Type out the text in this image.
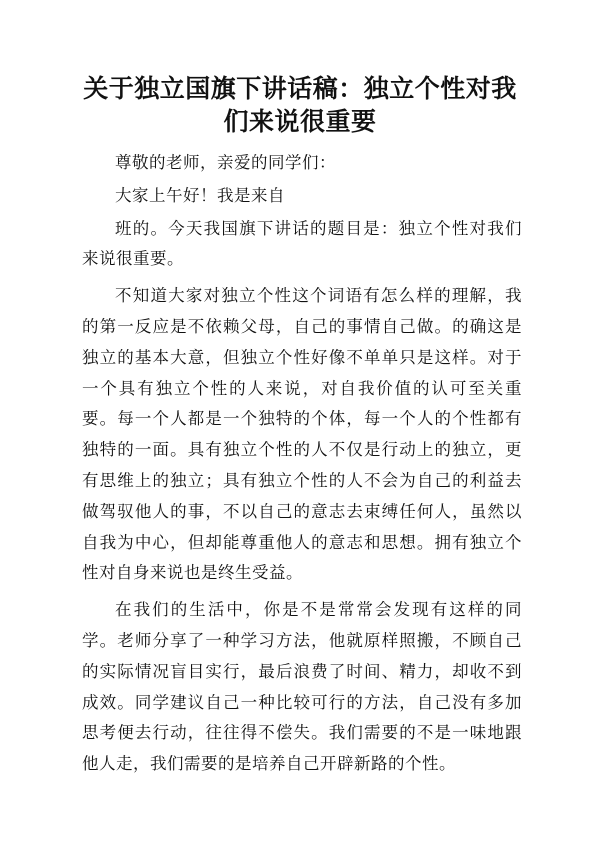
关于独立国旗下讲话稿：独立个性对我们来说很重要

尊敬的老师，亲爱的同学们：

大家上午好！我是来自

班的。今天我国旗下讲话的题目是：独立个性对我们来说很重要。

不知道大家对独立个性这个词语有怎么样的理解，我的第一反应是不依赖父母，自己的事情自己做。的确这是独立的基本大意，但独立个性好像不单单只是这样。对于一个具有独立个性的人来说，对自我价值的认可至关重要。每一个人都是一个独特的个体，每一个人的个性都有独特的一面。具有独立个性的人不仅是行动上的独立，更有思维上的独立；具有独立个性的人不会为自己的利益去做驾驭他人的事，不以自己的意志去束缚任何人，虽然以自我为中心，但却能尊重他人的意志和思想。拥有独立个性对自身来说也是终生受益。

在我们的生活中，你是不是常常会发现有这样的同学。老师分享了一种学习方法，他就原样照搬，不顾自己的实际情况盲目实行，最后浪费了时间、精力，却收不到成效。同学建议自己一种比较可行的方法，自己没有多加思考便去行动，往往得不偿失。我们需要的不是一味地跟他人走，我们需要的是培养自己开辟新路的个性。
